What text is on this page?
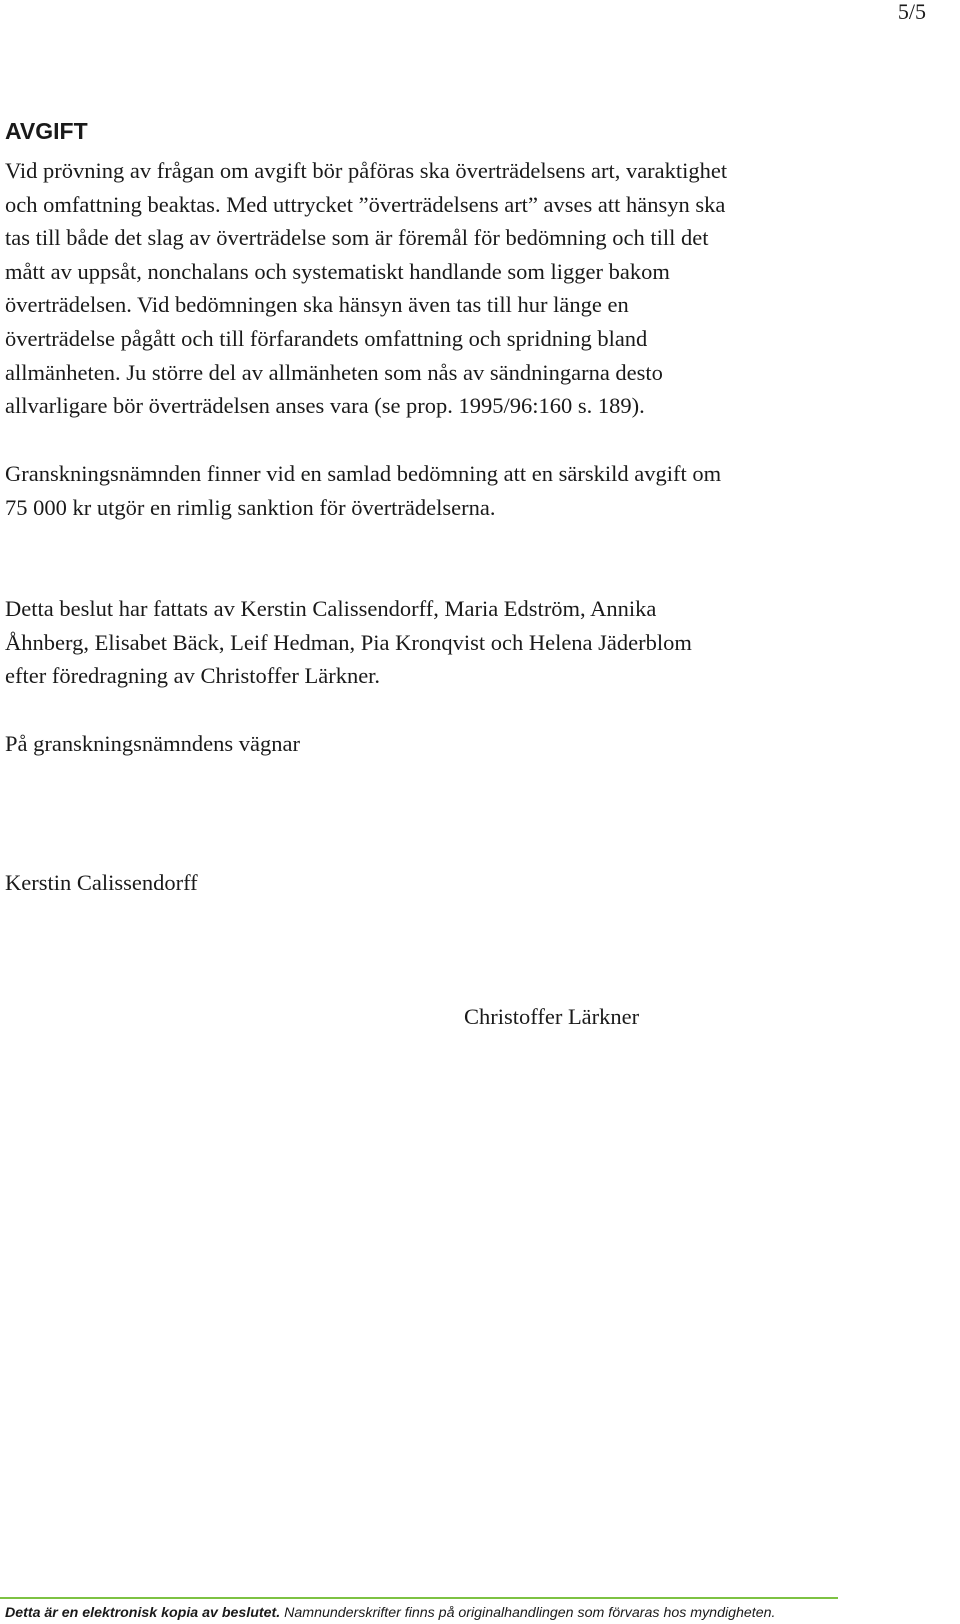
5/5
AVGIFT

Vid prövning av frågan om avgift bör påföras ska överträdelsens art, varaktighet
och omfattning beaktas. Med uttrycket ”överträdelsens art” avses att hänsyn ska
tas till både det slag av överträdelse som är föremål för bedömning och till det
mått av uppsåt, nonchalans och systematiskt handlande som ligger bakom
överträdelsen. Vid bedömningen ska hänsyn även tas till hur länge en
överträdelse pågått och till förfarandets omfattning och spridning bland
allmänheten. Ju större del av allmänheten som nås av sändningarna desto
allvarligare bör överträdelsen anses vara (se prop. 1995/96:160 s. 189).

Granskningsnämnden finner vid en samlad bedömning att en särskild avgift om
75 000 kr utgör en rimlig sanktion för överträdelserna.

Detta beslut har fattats av Kerstin Calissendorff, Maria Edström, Annika
Åhnberg, Elisabet Bäck, Leif Hedman, Pia Kronqvist och Helena Jäderblom
efter föredragning av Christoffer Lärkner.

På granskningsnämndens vägnar

Kerstin Calissendorff

Christoffer Lärkner

Detta är en elektronisk kopia av beslutet. Namnunderskrifter finns på originalhandlingen som förvaras hos myndigheten.
